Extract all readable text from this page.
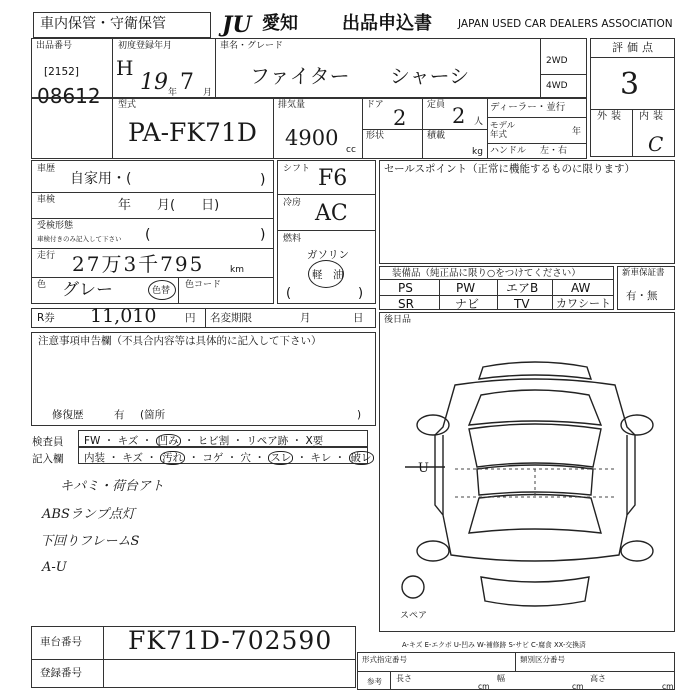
車内保管・守衛保管	JU 愛知 出品申込書 JAPAN USED CAR DEALERS ASSOCIATION
出品番号
[2152]
08612
初度登録年月
H
19 年 7 月
車名・グレード
ファイター シャーシ
2WD
4WD
評価点
3
型式
PA-FK71D
排気量
4900 cc
ドア
2
形状
定員 2 人
積載
kg
ディーラー・並行
モデル年式	年
ハンドル 左・右
外装 内装
C
車歴
自家用・(	)
車検	年　　月(　　日)
受検形態
車検付きのみ記入して下さい (	)
走行 27万3千795	km
色 グレー	色替
色コード
シフト F6
冷房 AC
燃料
ガソリン
軽　油
(	)
R券 11,010	円 名変期限	月	日
注意事項申告欄（不具合内容等は具体的に記入して下さい）
修復歴	有 (箇所	)
検査員記入欄
FW ・ キズ ・ 凹み ・ ヒビ割 ・ リペア跡 ・ X要
内装 ・ キズ ・ 汚れ ・ コゲ ・ 穴 ・ スレ ・ キレ ・ 破レ
キパミ・荷台アト
ABSランプ点灯
下回りフレームS
A-U
セールスポイント（正常に機能するものに限ります）
装備品（純正品に限り○をつけてください）
PS	PW	エアB	AW
SR	ナビ	TV カワシート
新車保証書
有・無
後日品
U
スペア
A-キズ E-エクボ U-凹み W-補修跡 S-サビ C-腐食 XX-交換済
形式指定番号	類別区分番号
参考 長さ
cm
幅
cm
高さ
cm
車台番号 FK71D-702590
登録番号
